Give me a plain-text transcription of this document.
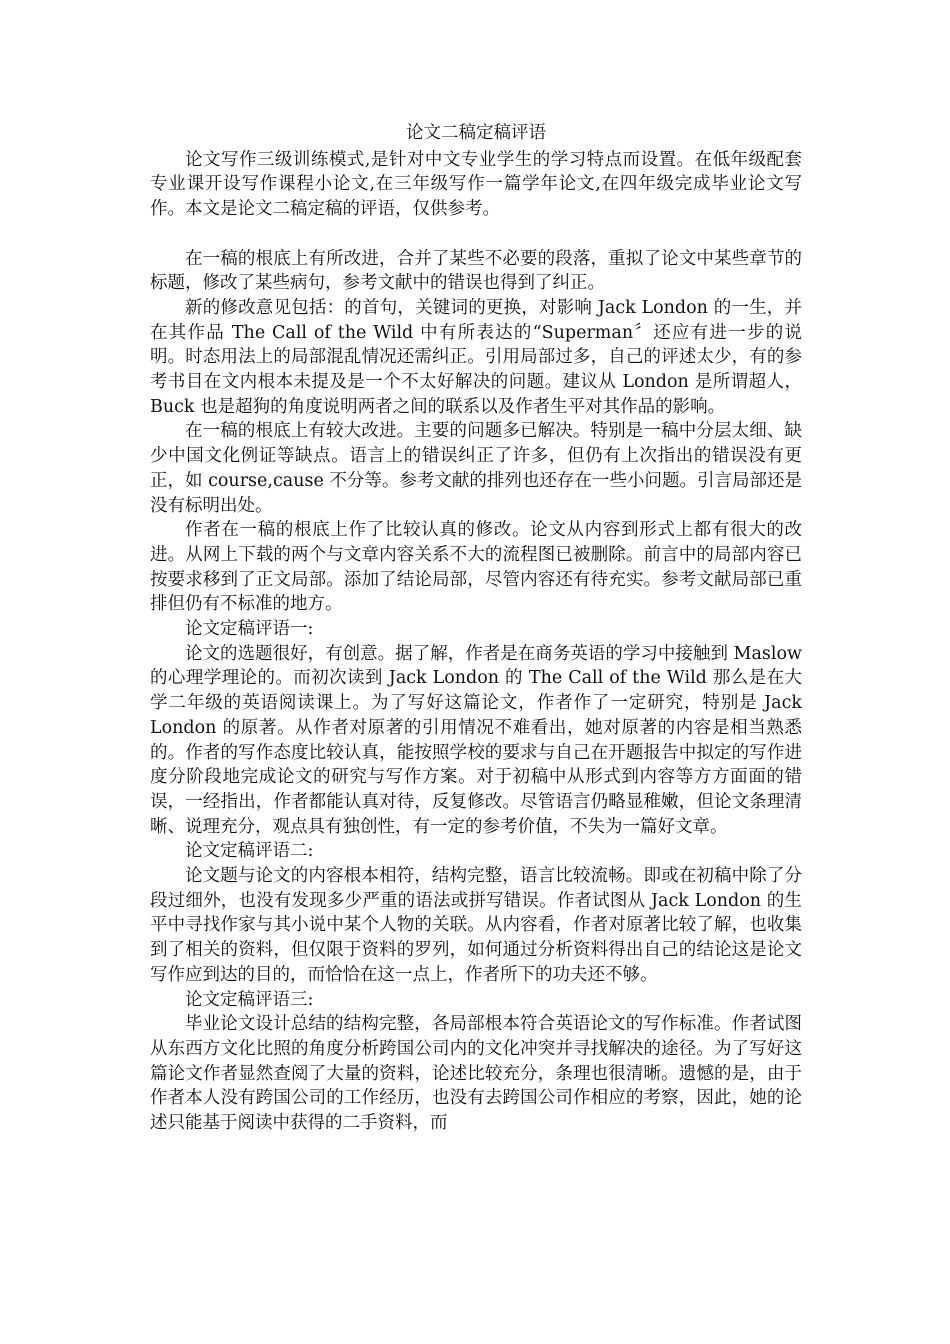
论文二稿定稿评语

论文写作三级训练模式,是针对中文专业学生的学习特点而设置。在低年级配套专业课开设写作课程小论文,在三年级写作一篇学年论文,在四年级完成毕业论文写作。本文是论文二稿定稿的评语，仅供参考。

在一稿的根底上有所改进，合并了某些不必要的段落，重拟了论文中某些章节的标题，修改了某些病句，参考文献中的错误也得到了纠正。

新的修改意见包括：的首句，关键词的更换，对影响 Jack London 的一生，并在其作品 The Call of the Wild 中有所表达的“Superman〞还应有进一步的说明。时态用法上的局部混乱情况还需纠正。引用局部过多，自己的评述太少，有的参考书目在文内根本未提及是一个不太好解决的问题。建议从 London 是所谓超人，Buck 也是超狗的角度说明两者之间的联系以及作者生平对其作品的影响。

在一稿的根底上有较大改进。主要的问题多已解决。特别是一稿中分层太细、缺少中国文化例证等缺点。语言上的错误纠正了许多，但仍有上次指出的错误没有更正，如 course,cause 不分等。参考文献的排列也还存在一些小问题。引言局部还是没有标明出处。

作者在一稿的根底上作了比较认真的修改。论文从内容到形式上都有很大的改进。从网上下载的两个与文章内容关系不大的流程图已被删除。前言中的局部内容已按要求移到了正文局部。添加了结论局部，尽管内容还有待充实。参考文献局部已重排但仍有不标准的地方。

论文定稿评语一:

论文的选题很好，有创意。据了解，作者是在商务英语的学习中接触到 Maslow 的心理学理论的。而初次读到 Jack London 的 The Call of the Wild 那么是在大学二年级的英语阅读课上。为了写好这篇论文，作者作了一定研究，特别是 Jack London 的原著。从作者对原著的引用情况不难看出，她对原著的内容是相当熟悉的。作者的写作态度比较认真，能按照学校的要求与自己在开题报告中拟定的写作进度分阶段地完成论文的研究与写作方案。对于初稿中从形式到内容等方方面面的错误，一经指出，作者都能认真对待，反复修改。尽管语言仍略显稚嫩，但论文条理清晰、说理充分，观点具有独创性，有一定的参考价值，不失为一篇好文章。

论文定稿评语二:

论文题与论文的内容根本相符，结构完整，语言比较流畅。即或在初稿中除了分段过细外，也没有发现多少严重的语法或拼写错误。作者试图从 Jack London 的生平中寻找作家与其小说中某个人物的关联。从内容看，作者对原著比较了解，也收集到了相关的资料，但仅限于资料的罗列，如何通过分析资料得出自己的结论这是论文写作应到达的目的，而恰恰在这一点上，作者所下的功夫还不够。

论文定稿评语三:

毕业论文设计总结的结构完整，各局部根本符合英语论文的写作标准。作者试图从东西方文化比照的角度分析跨国公司内的文化冲突并寻找解决的途径。为了写好这篇论文作者显然查阅了大量的资料，论述比较充分，条理也很清晰。遗憾的是，由于作者本人没有跨国公司的工作经历，也没有去跨国公司作相应的考察，因此，她的论述只能基于阅读中获得的二手资料，而
